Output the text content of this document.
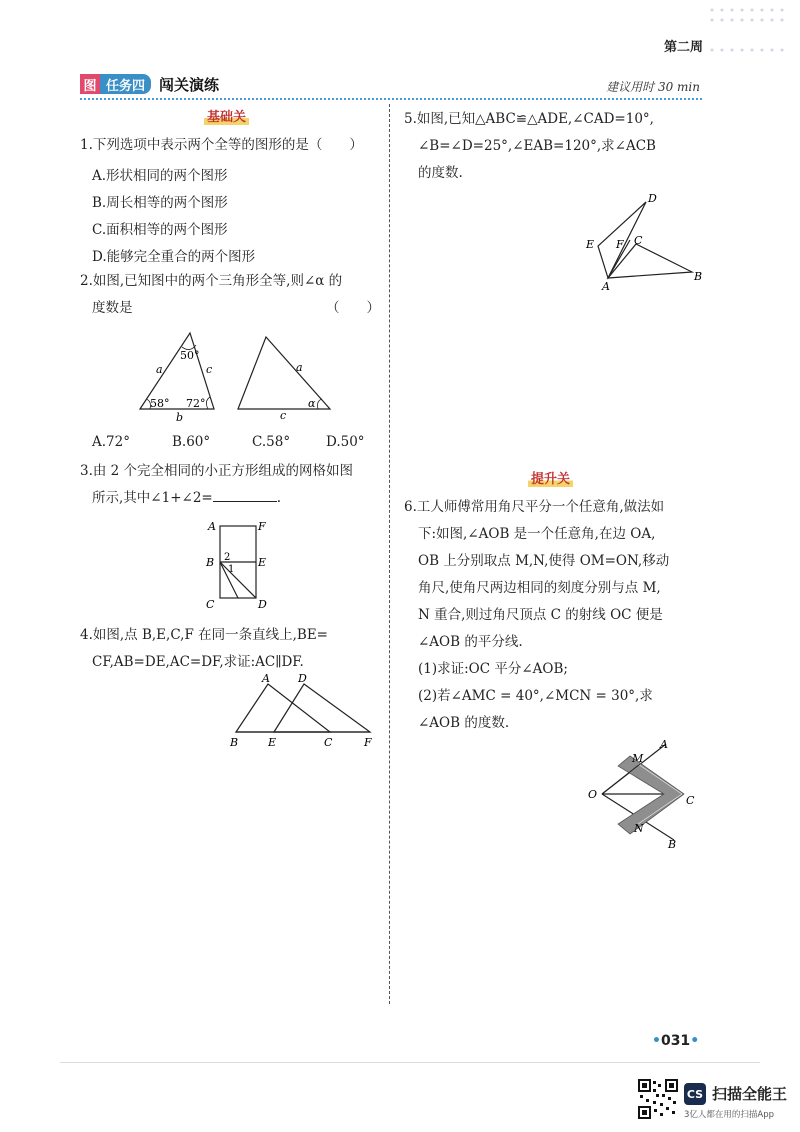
第二周
图 任务四 闯关演练	建议用时 30 min
基础关
1.下列选项中表示两个全等的图形的是（　　）
A.形状相同的两个图形
B.周长相等的两个图形
C.面积相等的两个图形
D.能够完全重合的两个图形
2.如图,已知图中的两个三角形全等,则∠α 的
度数是	（　　）
50°
a	c
58° 72°
b
a
c
α
A.72°	B.60°	C.58°	D.50°
3.由 2 个完全相同的小正方形组成的网格如图
所示,其中∠1+∠2=	.
A	F
B	E
C	D
2
1
4.如图,点 B,E,C,F 在同一条直线上,BE=
CF,AB=DE,AC=DF,求证:AC∥DF.
A	D
B	E	C	F
5.如图,已知△ABC≌△ADE,∠CAD=10°,
∠B=∠D=25°,∠EAB=120°,求∠ACB
的度数.
D
E F C
A
B
提升关
6.工人师傅常用角尺平分一个任意角,做法如
下:如图,∠AOB 是一个任意角,在边 OA,
OB 上分别取点 M,N,使得 OM=ON,移动
角尺,使角尺两边相同的刻度分别与点 M,
N 重合,则过角尺顶点 C 的射线 OC 便是
∠AOB 的平分线.
(1)求证:OC 平分∠AOB;
(2)若∠AMC = 40°,∠MCN = 30°,求
∠AOB 的度数.
A
M
O	C
N
B
•031•
CS 扫描全能王
3亿人都在用的扫描App
